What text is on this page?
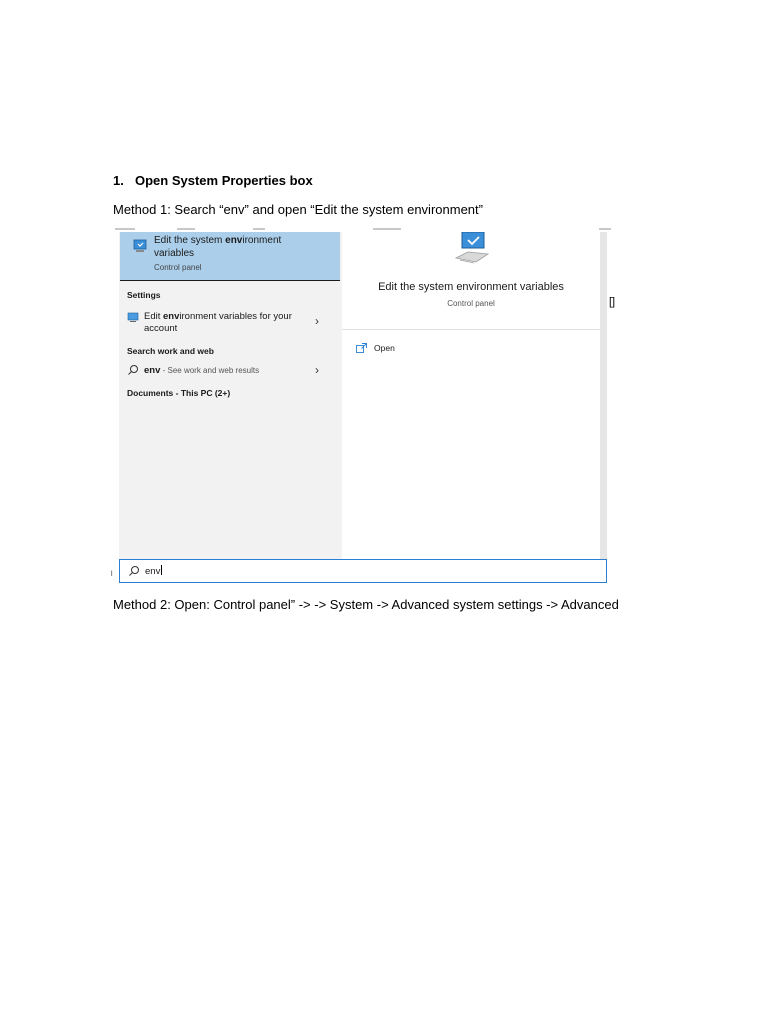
1. Open System Properties box
Method 1: Search “env” and open “Edit the system environment”
Edit the system environment
variables
Control panel
Settings
Edit environment variables for your
account
›
Search work and web
env - See work and web results	›
Documents - This PC (2+)
Edit the system environment variables
Control panel
Open
env
[]
l
Method 2: Open: Control panel” -> -> System -> Advanced system settings -> Advanced
